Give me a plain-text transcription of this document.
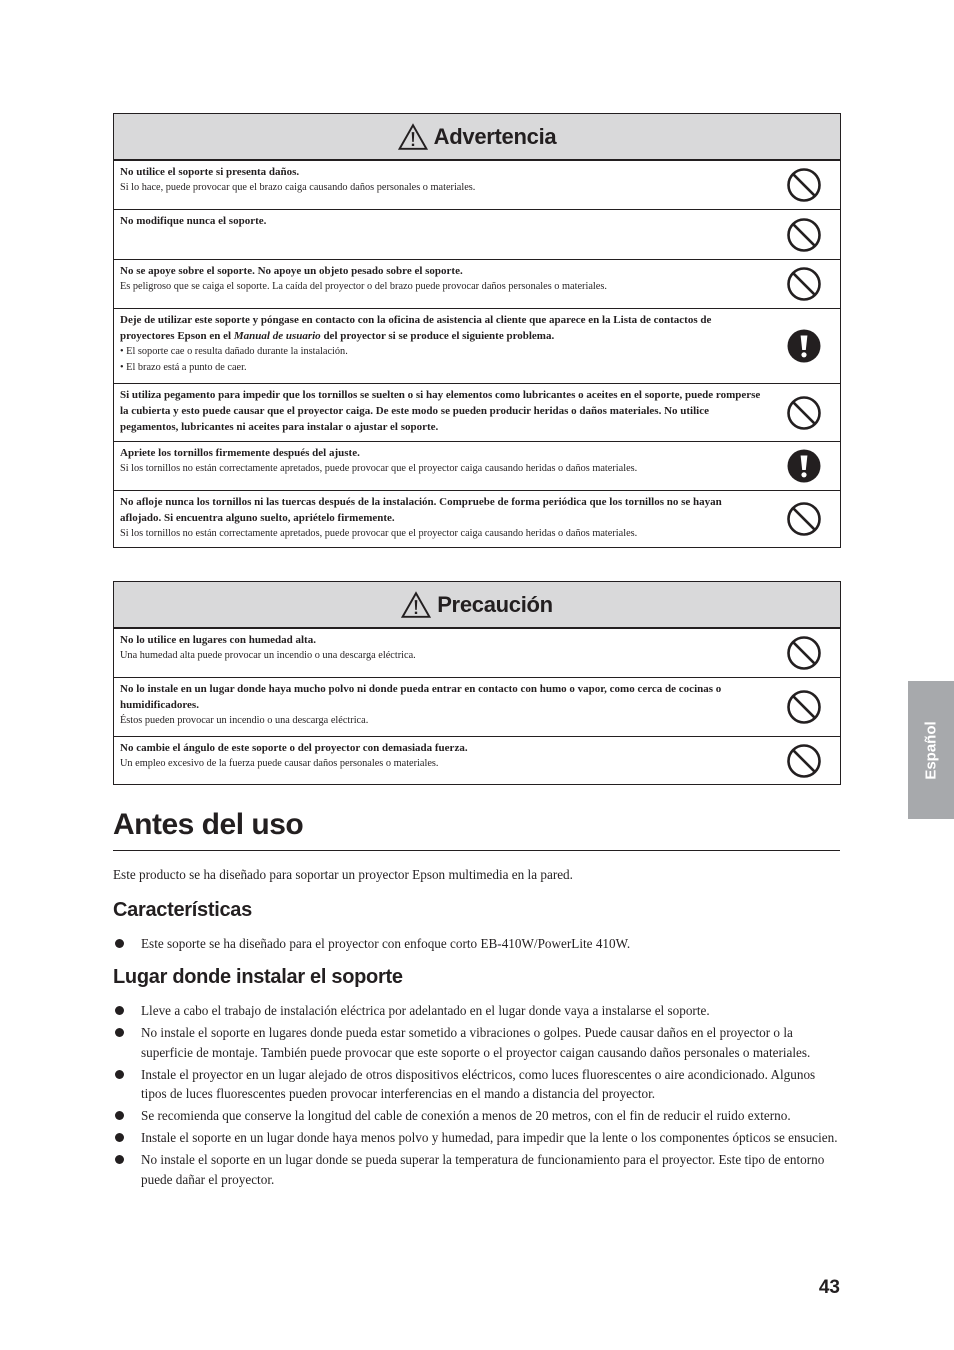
Advertencia
No utilice el soporte si presenta daños.
Si lo hace, puede provocar que el brazo caiga causando daños personales o materiales.
No modifique nunca el soporte.
No se apoye sobre el soporte. No apoye un objeto pesado sobre el soporte.
Es peligroso que se caiga el soporte. La caída del proyector o del brazo puede provocar daños personales o materiales.
Deje de utilizar este soporte y póngase en contacto con la oficina de asistencia al cliente que aparece en la Lista de contactos de proyectores Epson en el Manual de usuario del proyector si se produce el siguiente problema.
• El soporte cae o resulta dañado durante la instalación.
• El brazo está a punto de caer.
Si utiliza pegamento para impedir que los tornillos se suelten o si hay elementos como lubricantes o aceites en el soporte, puede romperse la cubierta y esto puede causar que el proyector caiga. De este modo se pueden producir heridas o daños materiales. No utilice pegamentos, lubricantes ni aceites para instalar o ajustar el soporte.
Apriete los tornillos firmemente después del ajuste.
Si los tornillos no están correctamente apretados, puede provocar que el proyector caiga causando heridas o daños materiales.
No afloje nunca los tornillos ni las tuercas después de la instalación. Compruebe de forma periódica que los tornillos no se hayan aflojado. Si encuentra alguno suelto, apriételo firmemente.
Si los tornillos no están correctamente apretados, puede provocar que el proyector caiga causando heridas o daños materiales.
Precaución
No lo utilice en lugares con humedad alta.
Una humedad alta puede provocar un incendio o una descarga eléctrica.
No lo instale en un lugar donde haya mucho polvo ni donde pueda entrar en contacto con humo o vapor, como cerca de cocinas o humidificadores.
Éstos pueden provocar un incendio o una descarga eléctrica.
No cambie el ángulo de este soporte o del proyector con demasiada fuerza.
Un empleo excesivo de la fuerza puede causar daños personales o materiales.
Antes del uso
Este producto se ha diseñado para soportar un proyector Epson multimedia en la pared.
Características
Este soporte se ha diseñado para el proyector con enfoque corto EB-410W/PowerLite 410W.
Lugar donde instalar el soporte
Lleve a cabo el trabajo de instalación eléctrica por adelantado en el lugar donde vaya a instalarse el soporte.
No instale el soporte en lugares donde pueda estar sometido a vibraciones o golpes. Puede causar daños en el proyector o la superficie de montaje. También puede provocar que este soporte o el proyector caigan causando daños personales o materiales.
Instale el proyector en un lugar alejado de otros dispositivos eléctricos, como luces fluorescentes o aire acondicionado. Algunos tipos de luces fluorescentes pueden provocar interferencias en el mando a distancia del proyector.
Se recomienda que conserve la longitud del cable de conexión a menos de 20 metros, con el fin de reducir el ruido externo.
Instale el soporte en un lugar donde haya menos polvo y humedad, para impedir que la lente o los componentes ópticos se ensucien.
No instale el soporte en un lugar donde se pueda superar la temperatura de funcionamiento para el proyector. Este tipo de entorno puede dañar el proyector.
Español
43
